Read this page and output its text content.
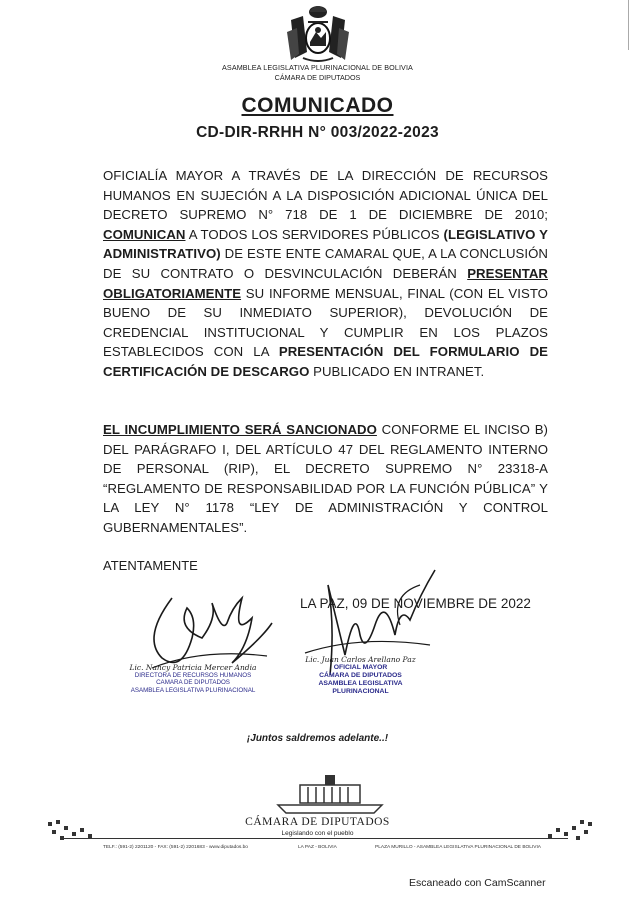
ASAMBLEA LEGISLATIVA PLURINACIONAL DE BOLIVIA
CÁMARA DE DIPUTADOS
COMUNICADO
CD-DIR-RRHH N° 003/2022-2023
OFICIALÍA MAYOR A TRAVÉS DE LA DIRECCIÓN DE RECURSOS HUMANOS EN SUJECIÓN A LA DISPOSICIÓN ADICIONAL ÚNICA DEL DECRETO SUPREMO N° 718 DE 1 DE DICIEMBRE DE 2010; COMUNICAN A TODOS LOS SERVIDORES PÚBLICOS (LEGISLATIVO Y ADMINISTRATIVO) DE ESTE ENTE CAMARAL QUE, A LA CONCLUSIÓN DE SU CONTRATO O DESVINCULACIÓN DEBERÁN PRESENTAR OBLIGATORIAMENTE SU INFORME MENSUAL, FINAL (CON EL VISTO BUENO DE SU INMEDIATO SUPERIOR), DEVOLUCIÓN DE CREDENCIAL INSTITUCIONAL Y CUMPLIR EN LOS PLAZOS ESTABLECIDOS CON LA PRESENTACIÓN DEL FORMULARIO DE CERTIFICACIÓN DE DESCARGO PUBLICADO EN INTRANET.
EL INCUMPLIMIENTO SERÁ SANCIONADO CONFORME EL INCISO B) DEL PARÁGRAFO I, DEL ARTÍCULO 47 DEL REGLAMENTO INTERNO DE PERSONAL (RIP), EL DECRETO SUPREMO N° 23318-A “REGLAMENTO DE RESPONSABILIDAD POR LA FUNCIÓN PÚBLICA” Y LA LEY N° 1178 “LEY DE ADMINISTRACIÓN Y CONTROL GUBERNAMENTALES”.
ATENTAMENTE
LA PAZ, 09 DE NOVIEMBRE DE 2022
Lic. Nancy Patricia Mercer Andia
DIRECTORA DE RECURSOS HUMANOS
CAMARA DE DIPUTADOS
ASAMBLEA LEGISLATIVA PLURINACIONAL
Lic. Juan Carlos Arellano Paz
OFICIAL MAYOR
CÁMARA DE DIPUTADOS
ASAMBLEA LEGISLATIVA PLURINACIONAL
¡Juntos saldremos adelante..!
CÁMARA DE DIPUTADOS
Legislando con el pueblo
TELF.: (591-2) 2201120 - FAX: (591-2) 2201683 - www.diputados.bo	LA PAZ - BOLIVIA	PLAZA MURILLO - ASAMBLEA LEGISLATIVA PLURINACIONAL DE BOLIVIA
Escaneado con CamScanner
